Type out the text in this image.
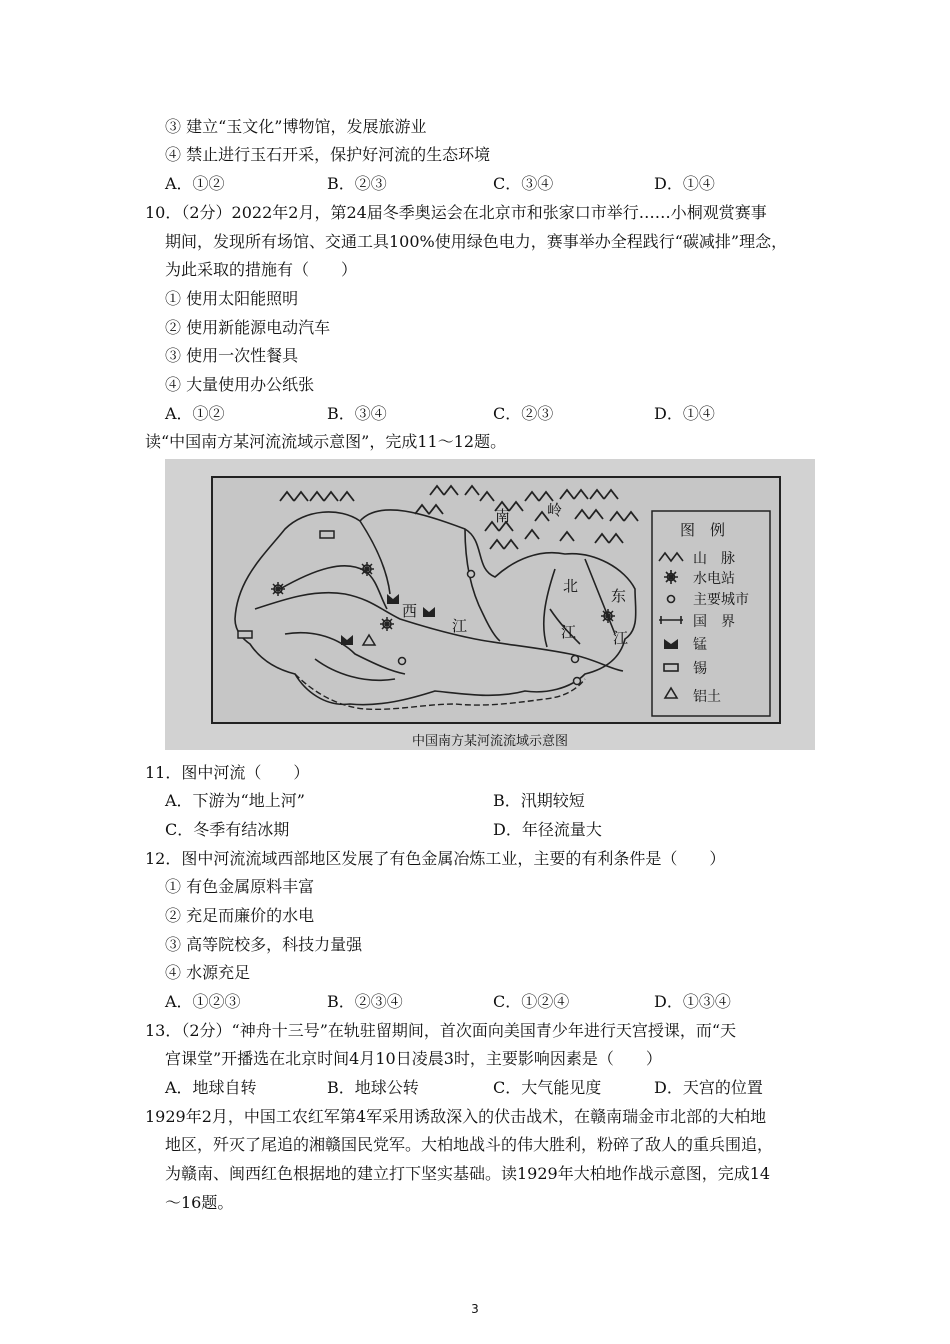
③ 建立“玉文化”博物馆，发展旅游业
④ 禁止进行玉石开采，保护好河流的生态环境
A．①②	B．②③	C．③④	D．①④
10．（2分）2022年2月，第24届冬季奥运会在北京市和张家口市举行……小桐观赏赛事
期间，发现所有场馆、交通工具100%使用绿色电力，赛事举办全程践行“碳减排”理念，
为此采取的措施有（　　）
① 使用太阳能照明
② 使用新能源电动汽车
③ 使用一次性餐具
④ 大量使用办公纸张
A．①②	B．③④	C．②③	D．①④
读“中国南方某河流流域示意图”，完成11～12题。
南 岭
西
江
北
江
东
江
图　例
山　脉
水电站
主要城市
国　界
锰
锡
铝土
中国南方某河流流域示意图
11．图中河流（　　）
A．下游为“地上河”	B．汛期较短
C．冬季有结冰期	D．年径流量大
12．图中河流流域西部地区发展了有色金属冶炼工业，主要的有利条件是（　　）
① 有色金属原料丰富
② 充足而廉价的水电
③ 高等院校多，科技力量强
④ 水源充足
A．①②③	B．②③④	C．①②④	D．①③④
13．（2分）“神舟十三号”在轨驻留期间，首次面向美国青少年进行天宫授课，而“天
宫课堂”开播选在北京时间4月10日凌晨3时，主要影响因素是（　　）
A．地球自转	B．地球公转	C．大气能见度	D．天宫的位置
1929年2月，中国工农红军第4军采用诱敌深入的伏击战术，在赣南瑞金市北部的大柏地
地区，歼灭了尾追的湘赣国民党军。大柏地战斗的伟大胜利，粉碎了敌人的重兵围追，
为赣南、闽西红色根据地的建立打下坚实基础。读1929年大柏地作战示意图，完成14
～16题。
3
